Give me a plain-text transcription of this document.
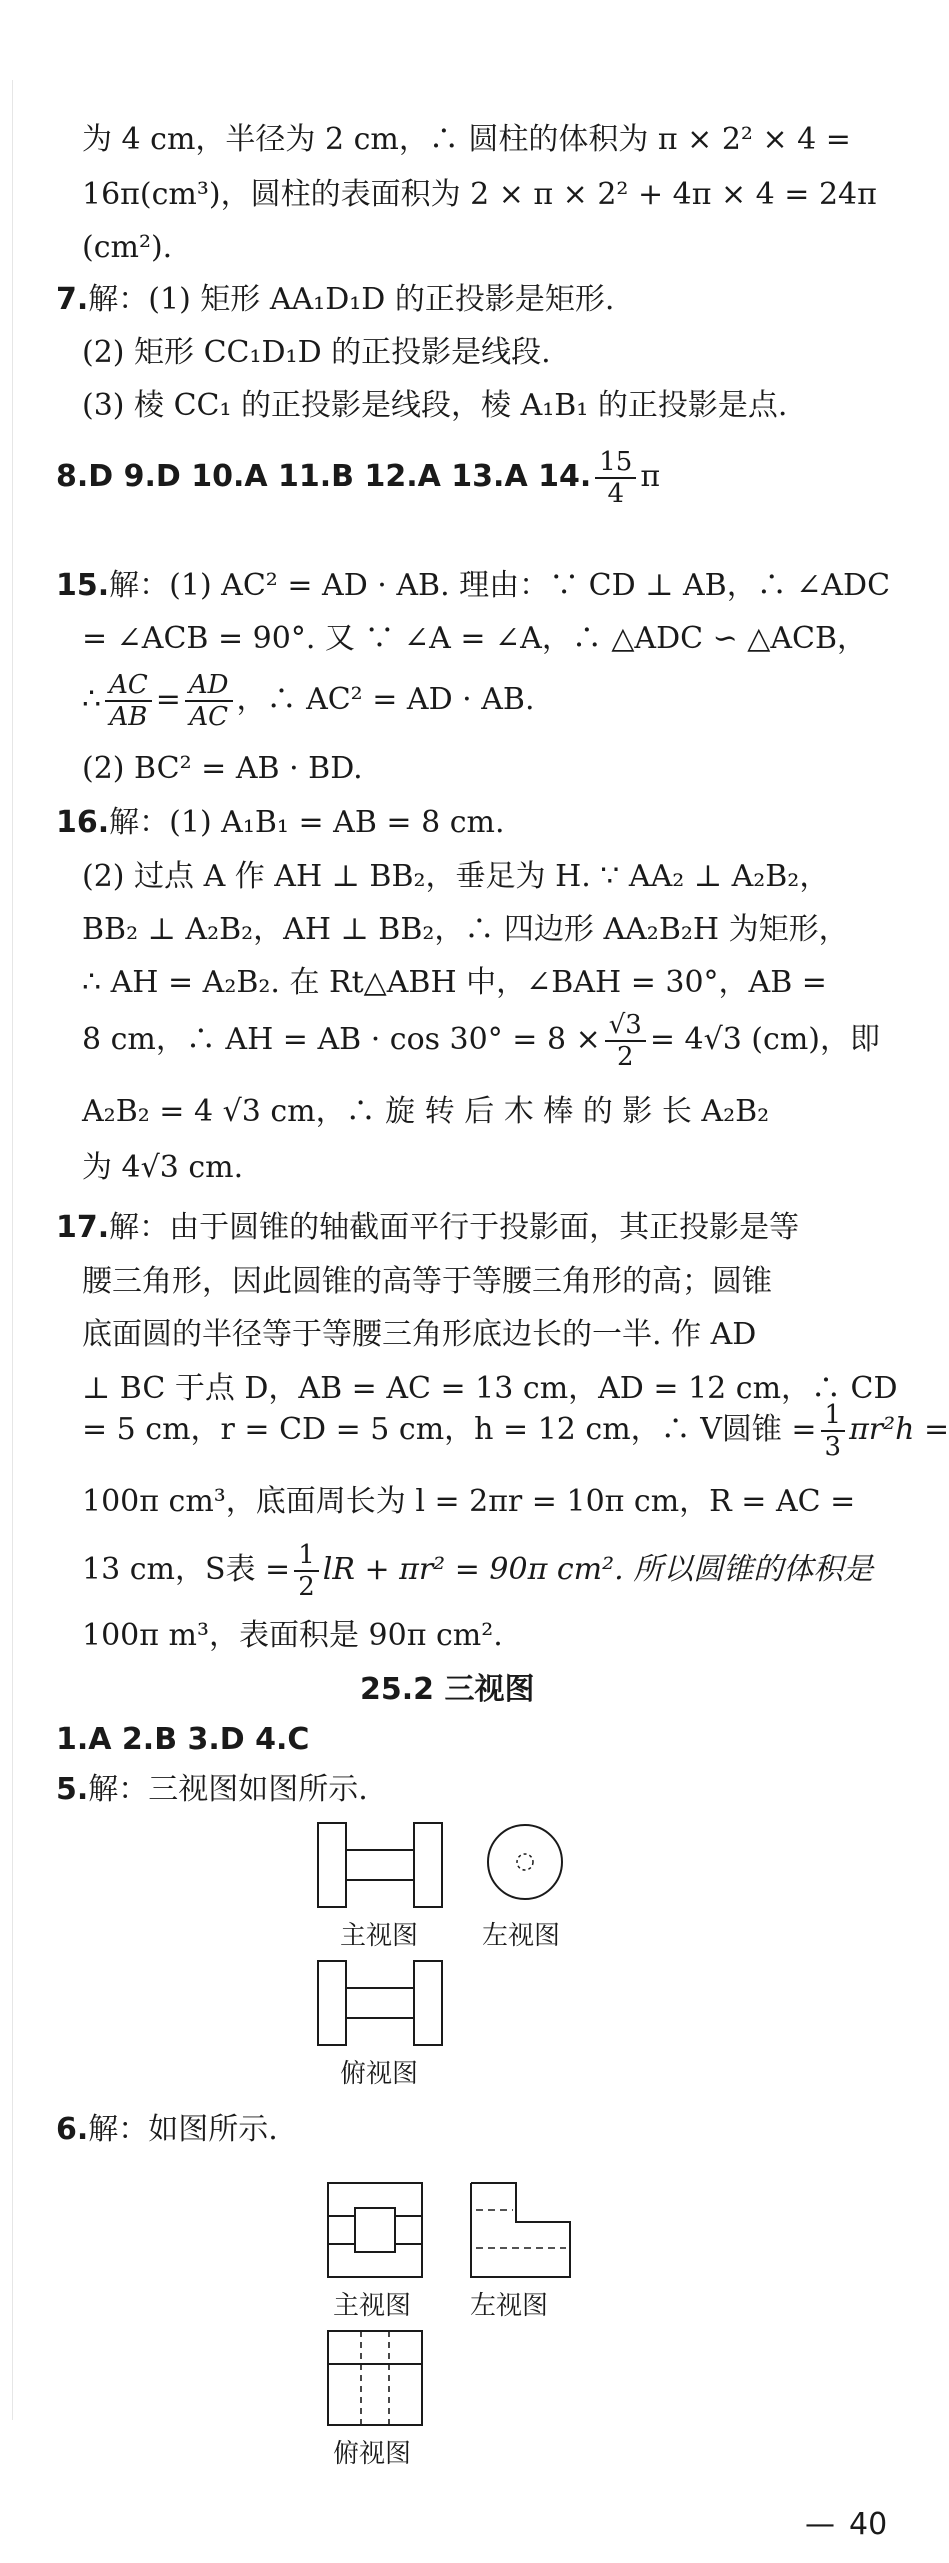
为 4 cm，半径为 2 cm，∴ 圆柱的体积为 π × 2² × 4 =
16π(cm³)，圆柱的表面积为 2 × π × 2² + 4π × 4 = 24π
(cm²).
7.解：(1) 矩形 AA₁D₁D 的正投影是矩形.
(2) 矩形 CC₁D₁D 的正投影是线段.
(3) 棱 CC₁ 的正投影是线段，棱 A₁B₁ 的正投影是点.
8.D 9.D 10.A 11.B 12.A 13.A 14. $\frac{15}{4}$ π
15.解：(1) AC² = AD · AB. 理由：∵ CD ⊥ AB，∴ ∠ADC
= ∠ACB = 90°. 又 ∵ ∠A = ∠A，∴ △ADC ∽ △ACB，
∴ $\frac{AC}{AB} = \frac{AD}{AC}$ ，∴ AC² = AD · AB.
(2) BC² = AB · BD.
16.解：(1) A₁B₁ = AB = 8 cm.
(2) 过点 A 作 AH ⊥ BB₂，垂足为 H. ∵ AA₂ ⊥ A₂B₂，
BB₂ ⊥ A₂B₂，AH ⊥ BB₂，∴ 四边形 AA₂B₂H 为矩形，
∴ AH = A₂B₂. 在 Rt△ABH 中，∠BAH = 30°，AB =
8 cm，∴ AH = AB · $\cos 30^\circ = 8 \times \frac{√3}{2} = 4√3$ (cm)，即
A₂B₂ = 4 √3 cm，∴ 旋 转 后 木 棒 的 影 长 A₂B₂
为 4√3 cm.
17.解：由于圆锥的轴截面平行于投影面，其正投影是等
腰三角形，因此圆锥的高等于等腰三角形的高；圆锥
底面圆的半径等于等腰三角形底边长的一半. 作 AD
⊥ BC 于点 D，AB = AC = 13 cm，AD = 12 cm，∴ CD
= 5 cm，r = CD = 5 cm，h = 12 cm，∴ V圆锥 = $\frac{1}{3} \pi r^2h$ =
100π cm³，底面周长为 l = 2πr = 10π cm，R = AC =
13 cm，S表 = $\frac{1}{2}$ lR + πr² = 90π cm². 所以圆锥的体积是
100π m³，表面积是 90π cm².
25.2 三视图
1.A 2.B 3.D 4.C
5.解：三视图如图所示.
主视图 左视图
俯视图
6.解：如图所示.
主视图 左视图
俯视图
— 40
